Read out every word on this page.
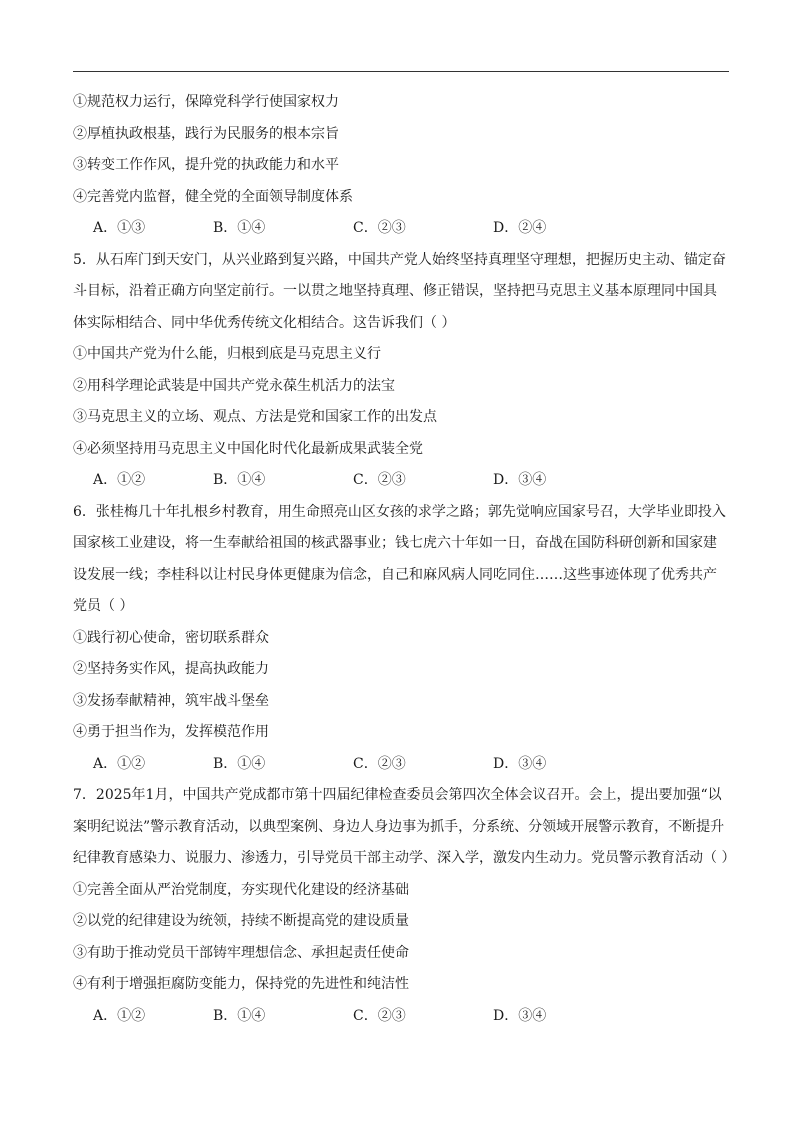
①规范权力运行，保障党科学行使国家权力
②厚植执政根基，践行为民服务的根本宗旨
③转变工作作风，提升党的执政能力和水平
④完善党内监督，健全党的全面领导制度体系
A．①③	B．①④	C．②③	D．②④
5．从石库门到天安门，从兴业路到复兴路，中国共产党人始终坚持真理坚守理想，把握历史主动、锚定奋
斗目标，沿着正确方向坚定前行。一以贯之地坚持真理、修正错误，坚持把马克思主义基本原理同中国具
体实际相结合、同中华优秀传统文化相结合。这告诉我们（ ）
①中国共产党为什么能，归根到底是马克思主义行
②用科学理论武装是中国共产党永葆生机活力的法宝
③马克思主义的立场、观点、方法是党和国家工作的出发点
④必须坚持用马克思主义中国化时代化最新成果武装全党
A．①②	B．①④	C．②③	D．③④
6．张桂梅几十年扎根乡村教育，用生命照亮山区女孩的求学之路；郭先觉响应国家号召，大学毕业即投入
国家核工业建设，将一生奉献给祖国的核武器事业；钱七虎六十年如一日，奋战在国防科研创新和国家建
设发展一线；李桂科以让村民身体更健康为信念，自己和麻风病人同吃同住……这些事迹体现了优秀共产
党员（ ）
①践行初心使命，密切联系群众
②坚持务实作风，提高执政能力
③发扬奉献精神，筑牢战斗堡垒
④勇于担当作为，发挥模范作用
A．①②	B．①④	C．②③	D．③④
7．2025年1月，中国共产党成都市第十四届纪律检查委员会第四次全体会议召开。会上，提出要加强“以
案明纪说法”警示教育活动，以典型案例、身边人身边事为抓手，分系统、分领域开展警示教育，不断提升
纪律教育感染力、说服力、渗透力，引导党员干部主动学、深入学，激发内生动力。党员警示教育活动（ ）
①完善全面从严治党制度，夯实现代化建设的经济基础
②以党的纪律建设为统领，持续不断提高党的建设质量
③有助于推动党员干部铸牢理想信念、承担起责任使命
④有利于增强拒腐防变能力，保持党的先进性和纯洁性
A．①②	B．①④	C．②③	D．③④
